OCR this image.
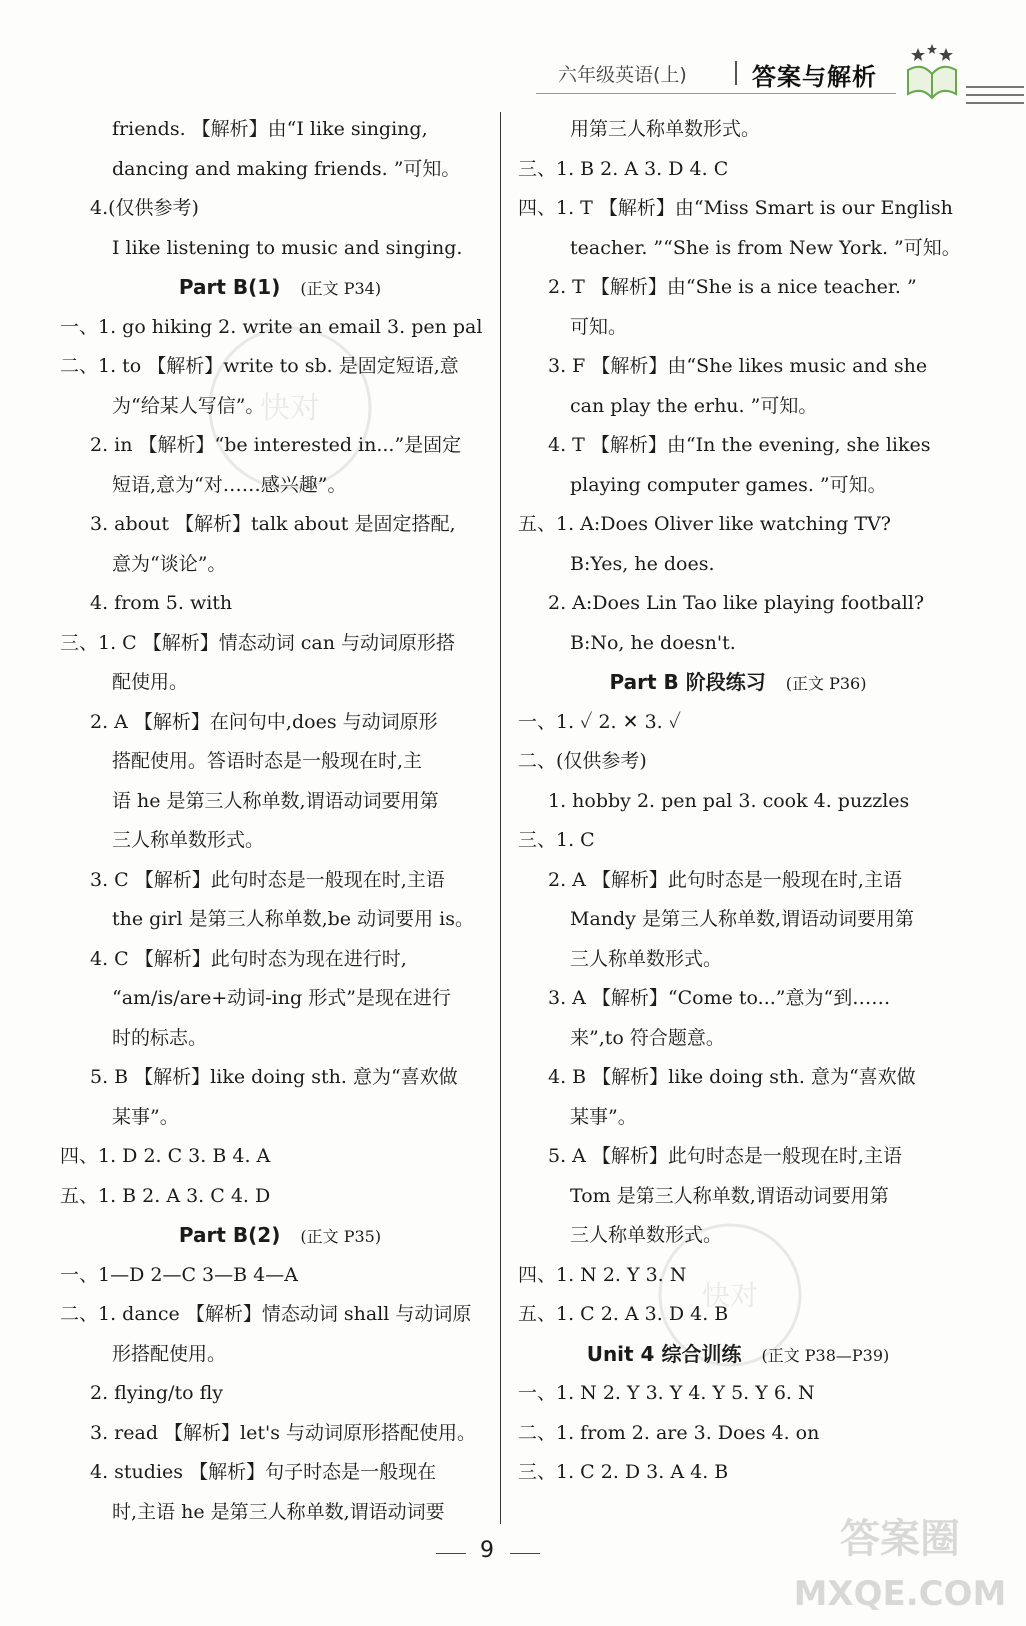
六年级英语(上)	答案与解析
friends. 【解析】由“I like singing,
dancing and making friends. ”可知。
4.(仅供参考)
I like listening to music and singing.
Part B(1) (正文 P34)
一、1. go hiking 2. write an email 3. pen pal
二、1. to 【解析】write to sb. 是固定短语,意
为“给某人写信”。
2. in 【解析】“be interested in...”是固定
短语,意为“对……感兴趣”。
3. about 【解析】talk about 是固定搭配,
意为“谈论”。
4. from 5. with
三、1. C 【解析】情态动词 can 与动词原形搭
配使用。
2. A 【解析】在问句中,does 与动词原形
搭配使用。答语时态是一般现在时,主
语 he 是第三人称单数,谓语动词要用第
三人称单数形式。
3. C 【解析】此句时态是一般现在时,主语
the girl 是第三人称单数,be 动词要用 is。
4. C 【解析】此句时态为现在进行时,
“am/is/are+动词-ing 形式”是现在进行
时的标志。
5. B 【解析】like doing sth. 意为“喜欢做
某事”。
四、1. D 2. C 3. B 4. A
五、1. B 2. A 3. C 4. D
Part B(2) (正文 P35)
一、1—D 2—C 3—B 4—A
二、1. dance 【解析】情态动词 shall 与动词原
形搭配使用。
2. flying/to fly
3. read 【解析】let's 与动词原形搭配使用。
4. studies 【解析】句子时态是一般现在
时,主语 he 是第三人称单数,谓语动词要
用第三人称单数形式。
三、1. B 2. A 3. D 4. C
四、1. T 【解析】由“Miss Smart is our English
teacher. ”“She is from New York. ”可知。
2. T 【解析】由“She is a nice teacher. ”
可知。
3. F 【解析】由“She likes music and she
can play the erhu. ”可知。
4. T 【解析】由“In the evening, she likes
playing computer games. ”可知。
五、1. A:Does Oliver like watching TV?
B:Yes, he does.
2. A:Does Lin Tao like playing football?
B:No, he doesn't.
Part B 阶段练习 (正文 P36)
一、1. ✓ 2. ✕ 3. ✓
二、(仅供参考)
1. hobby 2. pen pal 3. cook 4. puzzles
三、1. C
2. A 【解析】此句时态是一般现在时,主语
Mandy 是第三人称单数,谓语动词要用第
三人称单数形式。
3. A 【解析】“Come to...”意为“到……
来”,to 符合题意。
4. B 【解析】like doing sth. 意为“喜欢做
某事”。
5. A 【解析】此句时态是一般现在时,主语
Tom 是第三人称单数,谓语动词要用第
三人称单数形式。
四、1. N 2. Y 3. N
五、1. C 2. A 3. D 4. B
Unit 4 综合训练 (正文 P38—P39)
一、1. N 2. Y 3. Y 4. Y 5. Y 6. N
二、1. from 2. are 3. Does 4. on
三、1. C 2. D 3. A 4. B
9
快对
快对
答案圈
MXQE.COM
